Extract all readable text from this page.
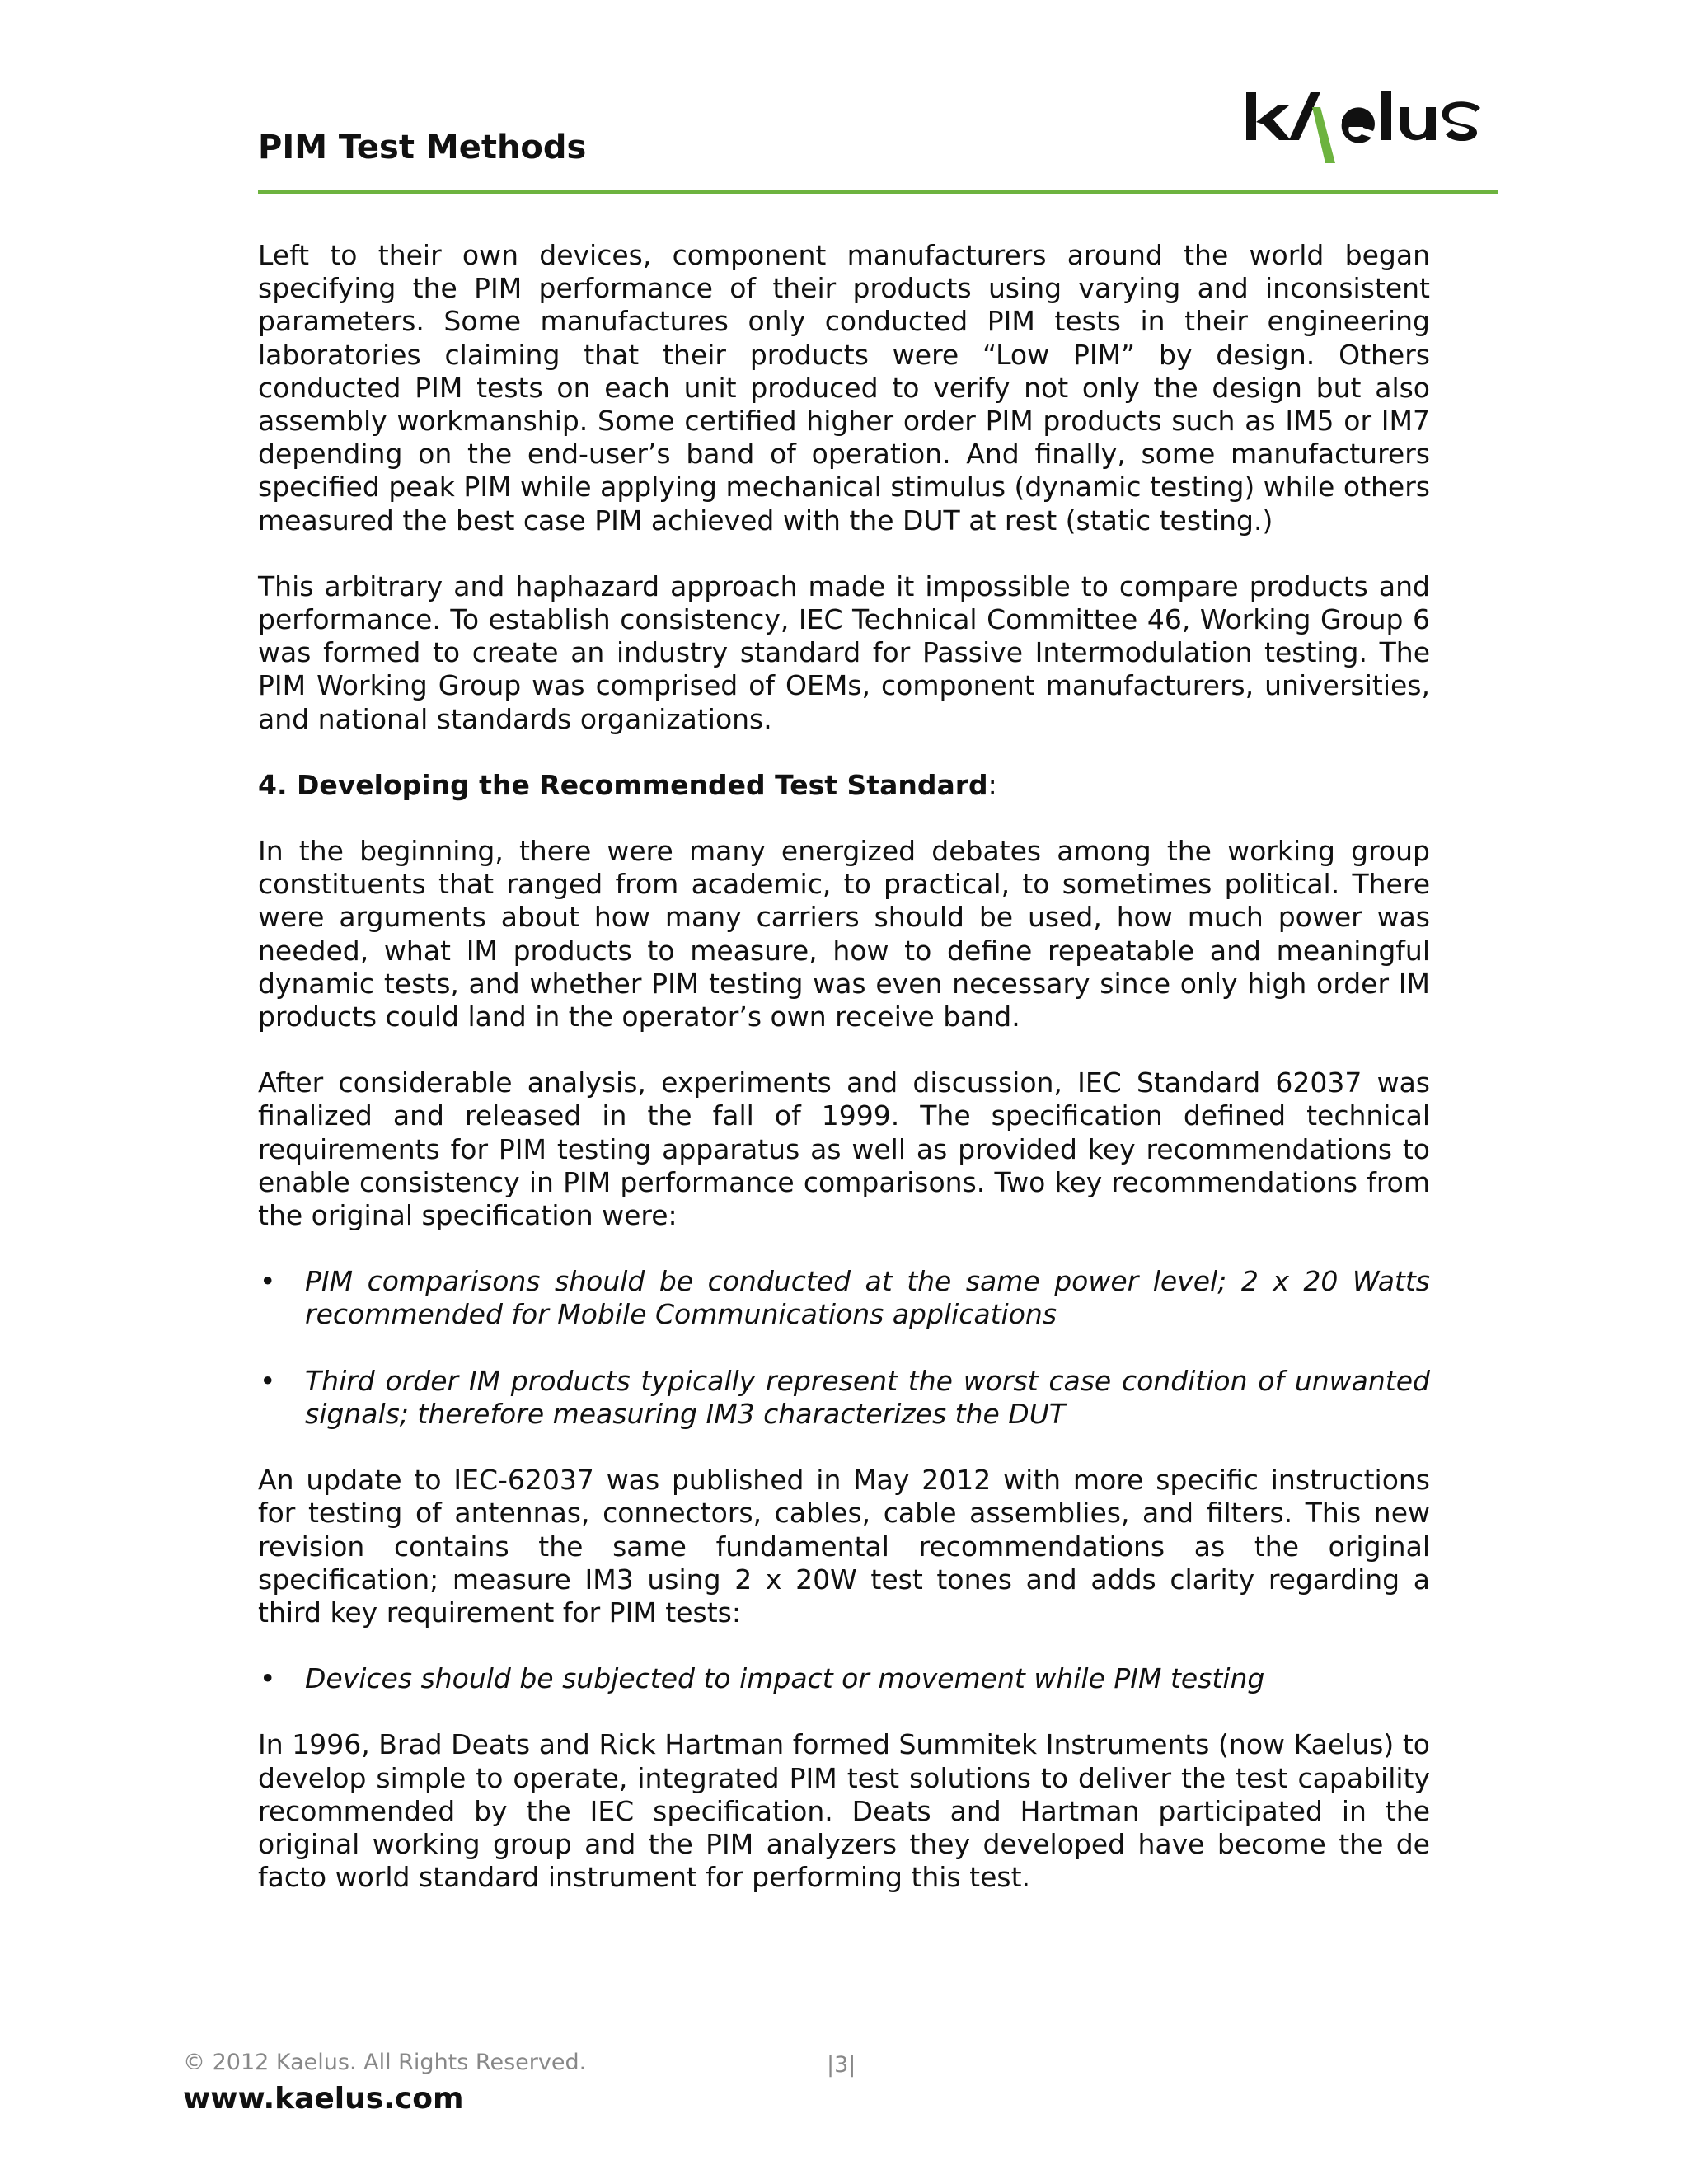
PIM Test Methods

Left to their own devices, component manufacturers around the world began specifying the PIM performance of their products using varying and inconsistent parameters. Some manufactures only conducted PIM tests in their engineering laboratories claiming that their products were “Low PIM” by design. Others conducted PIM tests on each unit produced to verify not only the design but also assembly workmanship. Some certified higher order PIM products such as IM5 or IM7 depending on the end-user’s band of operation. And finally, some manufacturers specified peak PIM while applying mechanical stimulus (dynamic testing) while others measured the best case PIM achieved with the DUT at rest (static testing.)

This arbitrary and haphazard approach made it impossible to compare products and performance. To establish consistency, IEC Technical Committee 46, Working Group 6 was formed to create an industry standard for Passive Intermodulation testing. The PIM Working Group was comprised of OEMs, component manufacturers, universities, and national standards organizations.

4. Developing the Recommended Test Standard:

In the beginning, there were many energized debates among the working group constituents that ranged from academic, to practical, to sometimes political. There were arguments about how many carriers should be used, how much power was needed, what IM products to measure, how to define repeatable and meaningful dynamic tests, and whether PIM testing was even necessary since only high order IM products could land in the operator’s own receive band.

After considerable analysis, experiments and discussion, IEC Standard 62037 was finalized and released in the fall of 1999. The specification defined technical requirements for PIM testing apparatus as well as provided key recommendations to enable consistency in PIM performance comparisons. Two key recommendations from the original specification were:

• PIM comparisons should be conducted at the same power level; 2 x 20 Watts recommended for Mobile Communications applications
• Third order IM products typically represent the worst case condition of unwanted signals; therefore measuring IM3 characterizes the DUT

An update to IEC-62037 was published in May 2012 with more specific instructions for testing of antennas, connectors, cables, cable assemblies, and filters. This new revision contains the same fundamental recommendations as the original specification; measure IM3 using 2 x 20W test tones and adds clarity regarding a third key requirement for PIM tests:

• Devices should be subjected to impact or movement while PIM testing

In 1996, Brad Deats and Rick Hartman formed Summitek Instruments (now Kaelus) to develop simple to operate, integrated PIM test solutions to deliver the test capability recommended by the IEC specification. Deats and Hartman participated in the original working group and the PIM analyzers they developed have become the de facto world standard instrument for performing this test.

© 2012 Kaelus. All Rights Reserved.	|3|
www.kaelus.com
